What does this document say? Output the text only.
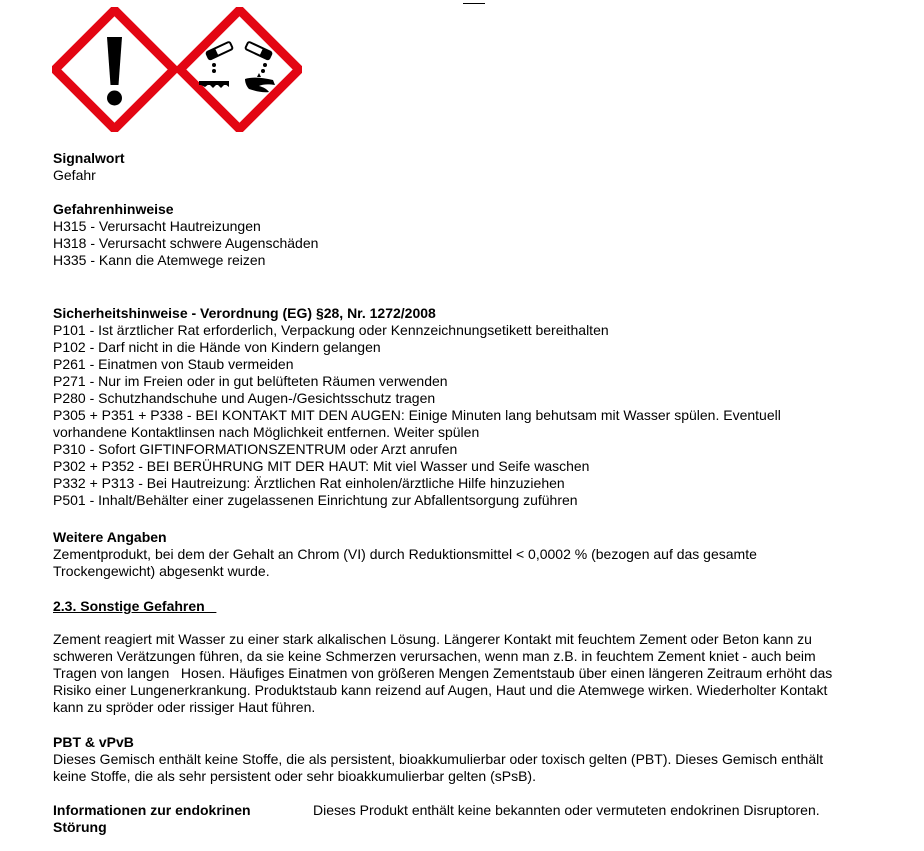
Signalwort
Gefahr
Gefahrenhinweise
H315 - Verursacht Hautreizungen
H318 - Verursacht schwere Augenschäden
H335 - Kann die Atemwege reizen
Sicherheitshinweise - Verordnung (EG) §28, Nr. 1272/2008
P101 - Ist ärztlicher Rat erforderlich, Verpackung oder Kennzeichnungsetikett bereithalten
P102 - Darf nicht in die Hände von Kindern gelangen
P261 - Einatmen von Staub vermeiden
P271 - Nur im Freien oder in gut belüfteten Räumen verwenden
P280 - Schutzhandschuhe und Augen-/Gesichtsschutz tragen
P305 + P351 + P338 - BEI KONTAKT MIT DEN AUGEN: Einige Minuten lang behutsam mit Wasser spülen. Eventuell
vorhandene Kontaktlinsen nach Möglichkeit entfernen. Weiter spülen
P310 - Sofort GIFTINFORMATIONSZENTRUM oder Arzt anrufen
P302 + P352 - BEI BERÜHRUNG MIT DER HAUT: Mit viel Wasser und Seife waschen
P332 + P313 - Bei Hautreizung: Ärztlichen Rat einholen/ärztliche Hilfe hinzuziehen
P501 - Inhalt/Behälter einer zugelassenen Einrichtung zur Abfallentsorgung zuführen
Weitere Angaben
Zementprodukt, bei dem der Gehalt an Chrom (VI) durch Reduktionsmittel < 0,0002 % (bezogen auf das gesamte
Trockengewicht) abgesenkt wurde.
2.3. Sonstige Gefahren
Zement reagiert mit Wasser zu einer stark alkalischen Lösung. Längerer Kontakt mit feuchtem Zement oder Beton kann zu
schweren Verätzungen führen, da sie keine Schmerzen verursachen, wenn man z.B. in feuchtem Zement kniet - auch beim
Tragen von langen   Hosen. Häufiges Einatmen von größeren Mengen Zementstaub über einen längeren Zeitraum erhöht das
Risiko einer Lungenerkrankung. Produktstaub kann reizend auf Augen, Haut und die Atemwege wirken. Wiederholter Kontakt
kann zu spröder oder rissiger Haut führen.
PBT & vPvB
Dieses Gemisch enthält keine Stoffe, die als persistent, bioakkumulierbar oder toxisch gelten (PBT). Dieses Gemisch enthält
keine Stoffe, die als sehr persistent oder sehr bioakkumulierbar gelten (sPsB).
Informationen zur endokrinen
Störung
Dieses Produkt enthält keine bekannten oder vermuteten endokrinen Disruptoren.
